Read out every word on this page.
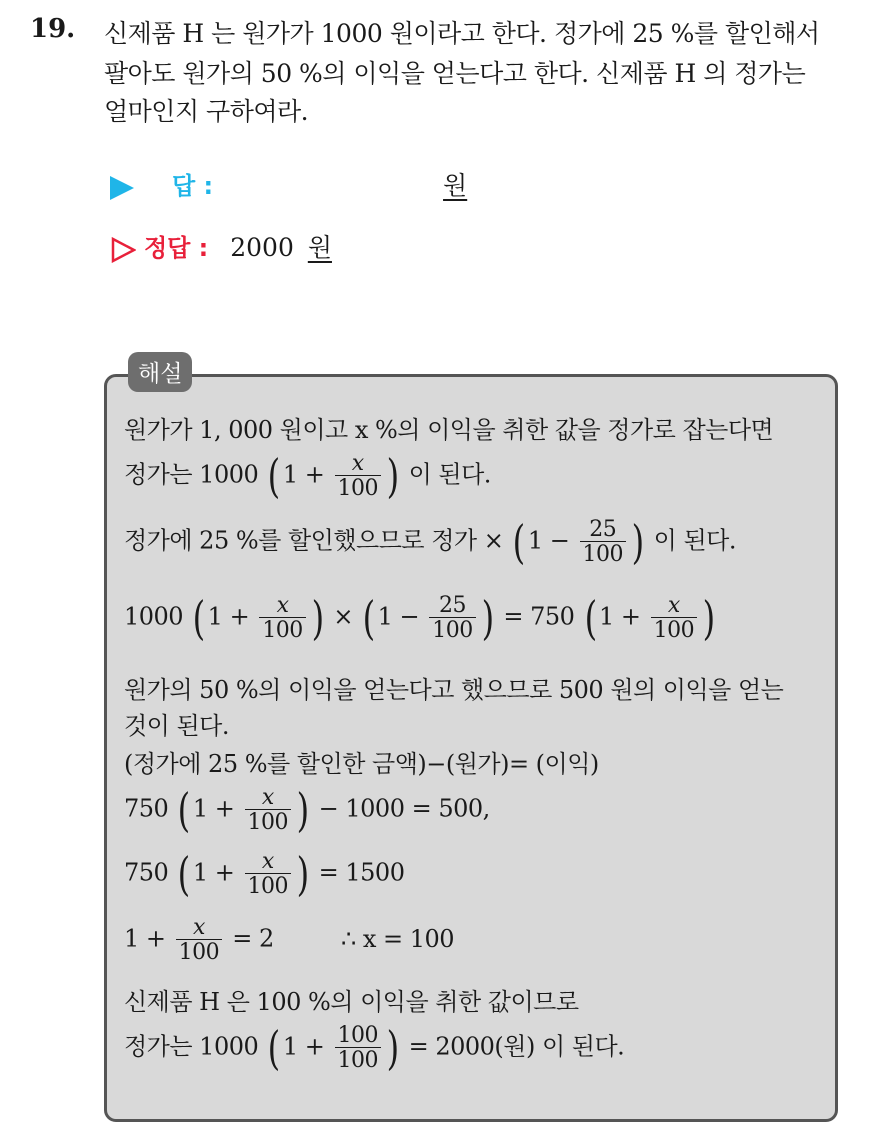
19. 신제품 H 는 원가가 1000 원이라고 한다. 정가에 25 %를 할인해서
팔아도 원가의 50 %의 이익을 얻는다고 한다. 신제품 H 의 정가는
얼마인지 구하여라.
답 :	원
정답 : 2000 원
해설
원가가 1, 000 원이고 x %의 이익을 취한 값을 정가로 잡는다면
정가는 1000 ( $1 + \frac{x}{100}$ ) 이 된다.
정가에 25 %를 할인했으므로 정가 × ( $1 - \frac{25}{100}$ ) 이 된다.
1000 ( $1 + \frac{x}{100}$ ) × ( $1 - \frac{25}{100}$ ) = 750 ( $1 + \frac{x}{100}$ )
원가의 50 %의 이익을 얻는다고 했으므로 500 원의 이익을 얻는
것이 된다.
(정가에 25 %를 할인한 금액)−(원가)= (이익)
750 ( $1 + \frac{x}{100}$ ) − 1000 = 500,
750 ( $1 + \frac{x}{100}$ ) = 1500
$1 + \frac{x}{100} = 2$	∴ x = 100
신제품 H 은 100 %의 이익을 취한 값이므로
정가는 1000 ( $1 + \frac{100}{100}$ ) = 2000(원) 이 된다.
